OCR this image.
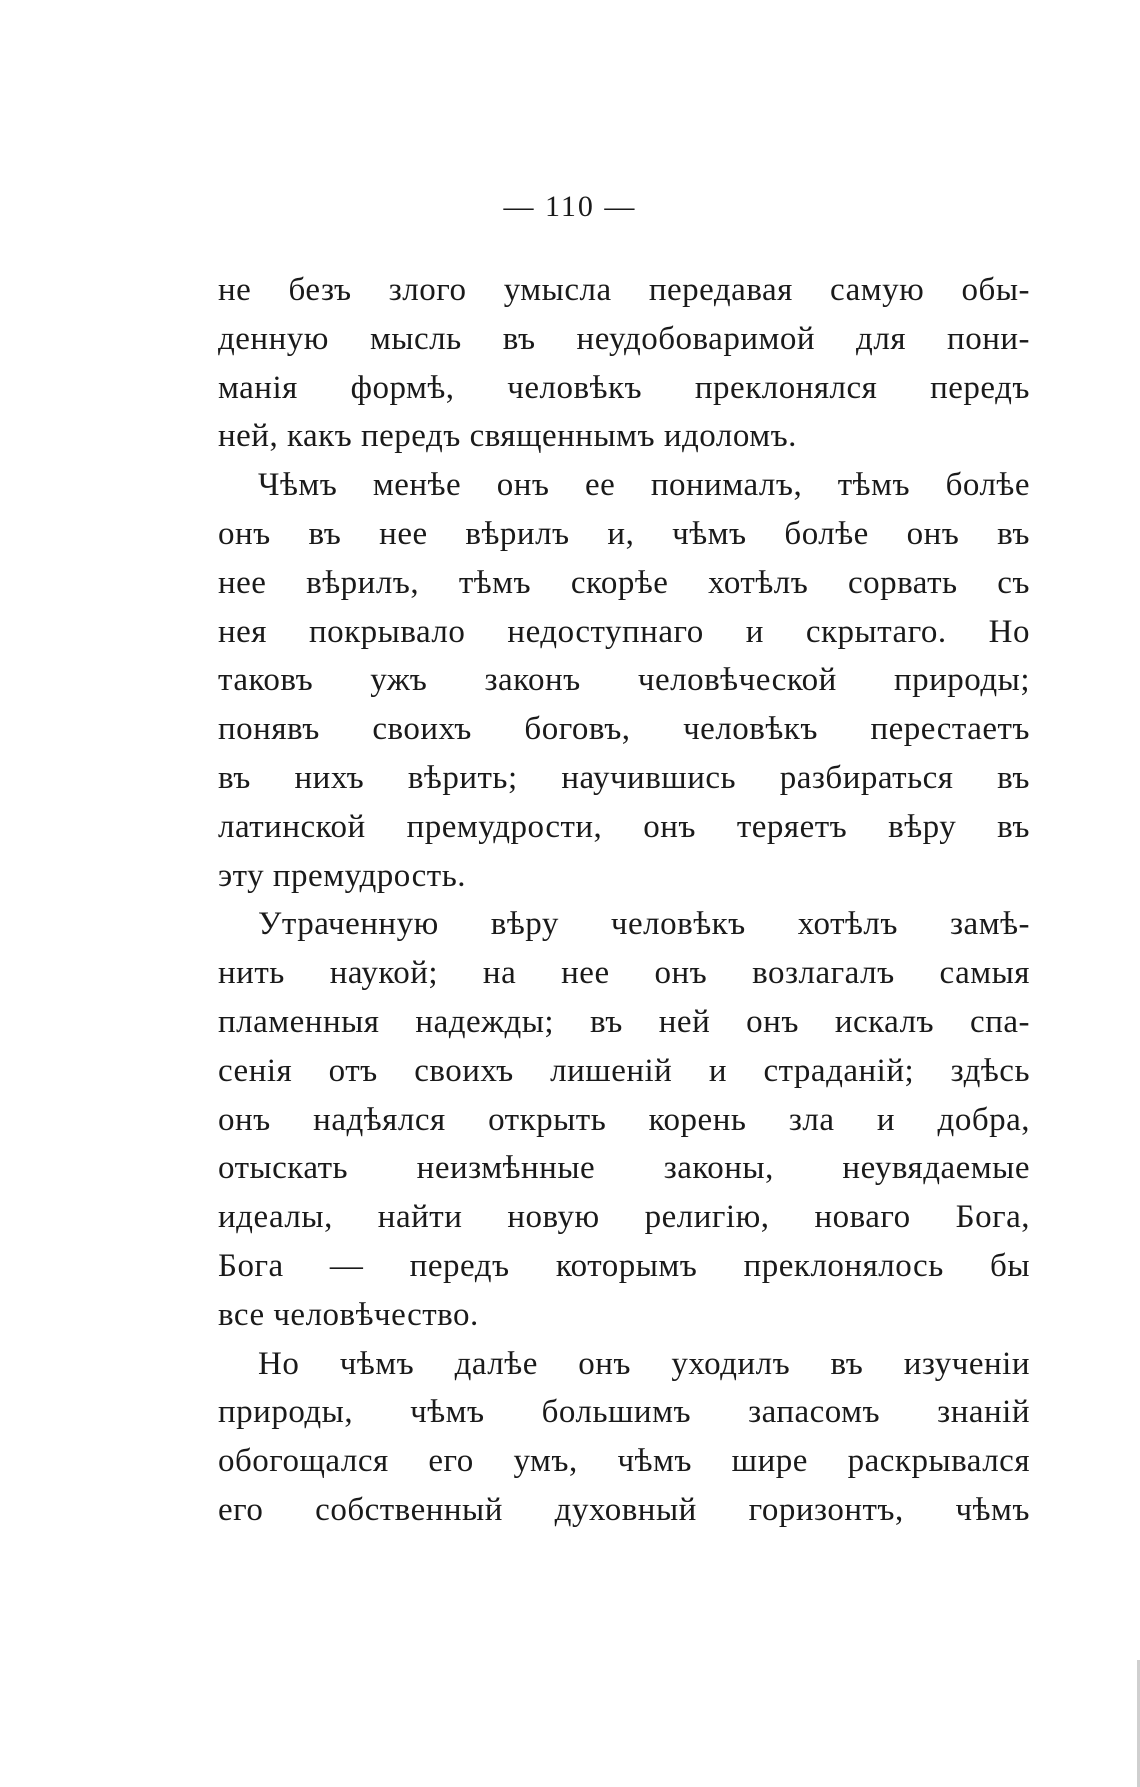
— 110 —
не безъ злого умысла передавая самую обы-
денную мысль въ неудобоваримой для пони-
манiя формѣ, человѣкъ преклонялся передъ
ней, какъ передъ священнымъ идоломъ.
Чѣмъ менѣе онъ ее понималъ, тѣмъ болѣе
онъ въ нее вѣрилъ и, чѣмъ болѣе онъ въ
нее вѣрилъ, тѣмъ скорѣе хотѣлъ сорвать съ
нея покрывало недоступнаго и скрытаго. Но
таковъ ужъ законъ человѣческой природы;
понявъ своихъ боговъ, человѣкъ перестаетъ
въ нихъ вѣрить; научившись разбираться въ
латинской премудрости, онъ теряетъ вѣру въ
эту премудрость.
Утраченную вѣру человѣкъ хотѣлъ замѣ-
нить наукой; на нее онъ возлагалъ самыя
пламенныя надежды; въ ней онъ искалъ спа-
сенiя отъ своихъ лишенiй и страданiй; здѣсь
онъ надѣялся открыть корень зла и добра,
отыскать неизмѣнные законы, неувядаемые
идеалы, найти новую религiю, новаго Бога,
Бога — передъ которымъ преклонялось бы
все человѣчество.
Но чѣмъ далѣе онъ уходилъ въ изученiи
природы, чѣмъ большимъ запасомъ знанiй
обогощался его умъ, чѣмъ шире раскрывался
его собственный духовный горизонтъ, чѣмъ
